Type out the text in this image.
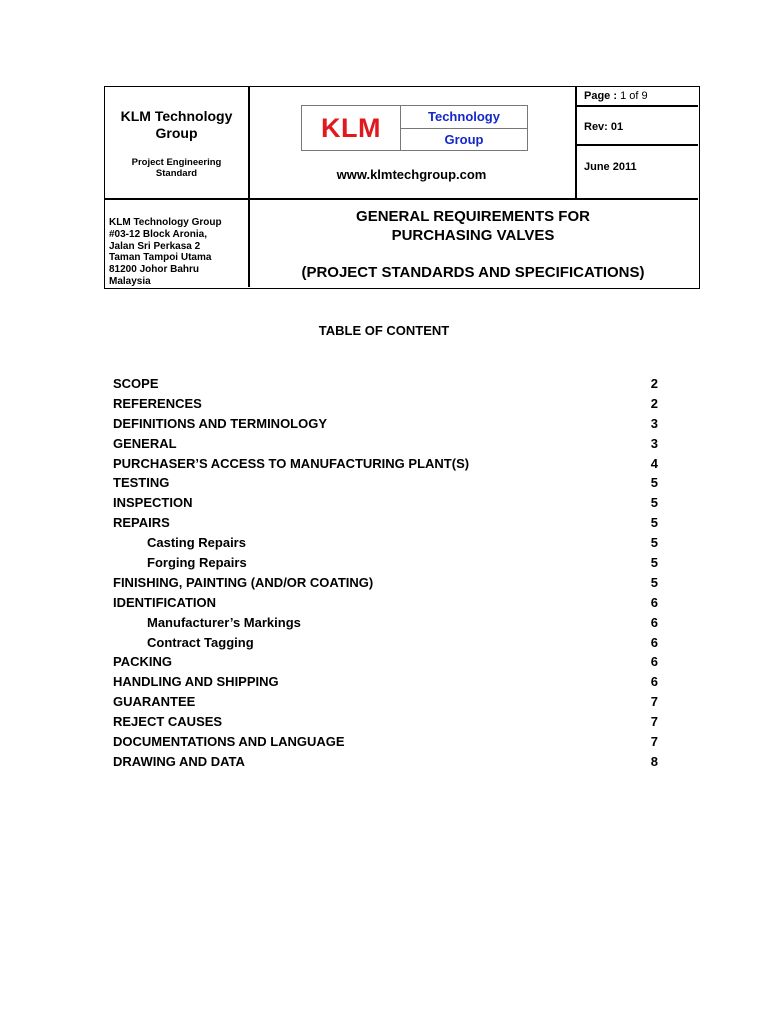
KLM Technology
Group
Project Engineering
Standard
KLM	Technology
Group
www.klmtechgroup.com
Page : 1 of 9
Rev: 01
June 2011
KLM Technology Group
#03-12 Block Aronia,
Jalan Sri Perkasa 2
Taman Tampoi Utama
81200 Johor Bahru
Malaysia
GENERAL REQUIREMENTS FOR
PURCHASING VALVES
(PROJECT STANDARDS AND SPECIFICATIONS)
TABLE OF CONTENT
SCOPE	2
REFERENCES	2
DEFINITIONS AND TERMINOLOGY	3
GENERAL	3
PURCHASER’S ACCESS TO MANUFACTURING PLANT(S)	4
TESTING	5
INSPECTION	5
REPAIRS	5
Casting Repairs	5
Forging Repairs	5
FINISHING, PAINTING (AND/OR COATING)	5
IDENTIFICATION	6
Manufacturer’s Markings	6
Contract Tagging	6
PACKING	6
HANDLING AND SHIPPING	6
GUARANTEE	7
REJECT CAUSES	7
DOCUMENTATIONS AND LANGUAGE	7
DRAWING AND DATA	8
